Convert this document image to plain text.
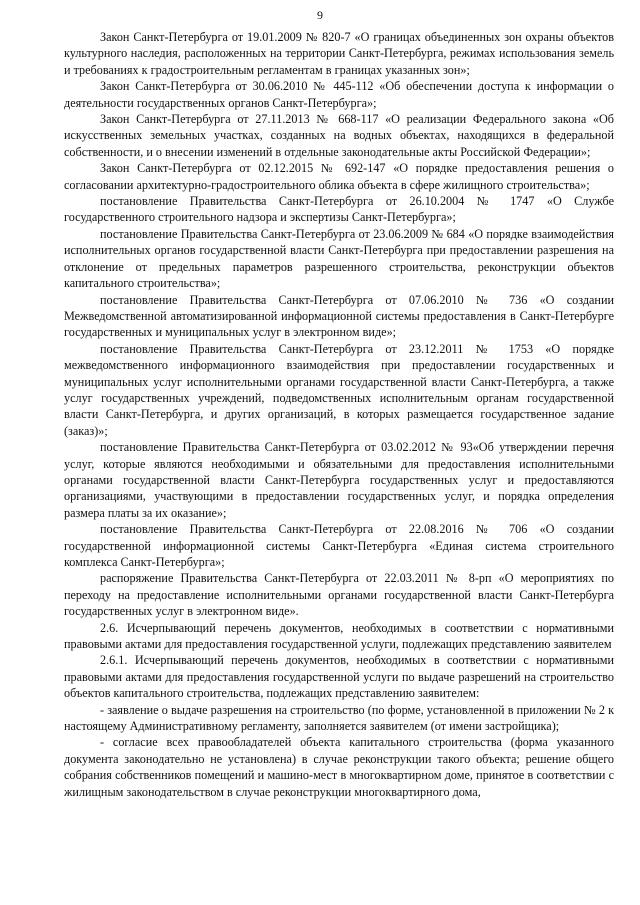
9

Закон Санкт-Петербурга от 19.01.2009 № 820-7 «О границах объединенных зон охраны объектов культурного наследия, расположенных на территории Санкт-Петербурга, режимах использования земель и требованиях к градостроительным регламентам в границах указанных зон»;

Закон Санкт-Петербурга от 30.06.2010 № 445-112 «Об обеспечении доступа к информации о деятельности государственных органов Санкт-Петербурга»;

Закон Санкт-Петербурга от 27.11.2013 № 668-117 «О реализации Федерального закона «Об искусственных земельных участках, созданных на водных объектах, находящихся в федеральной собственности, и о внесении изменений в отдельные законодательные акты Российской Федерации»;

Закон Санкт-Петербурга от 02.12.2015 № 692-147 «О порядке предоставления решения о согласовании архитектурно-градостроительного облика объекта в сфере жилищного строительства»;

постановление Правительства Санкт-Петербурга от 26.10.2004 № 1747 «О Службе государственного строительного надзора и экспертизы Санкт-Петербурга»;

постановление Правительства Санкт-Петербурга от 23.06.2009 № 684 «О порядке взаимодействия исполнительных органов государственной власти Санкт-Петербурга при предоставлении разрешения на отклонение от предельных параметров разрешенного строительства, реконструкции объектов капитального строительства»;

постановление Правительства Санкт-Петербурга от 07.06.2010 № 736 «О создании Межведомственной автоматизированной информационной системы предоставления в Санкт-Петербурге государственных и муниципальных услуг в электронном виде»;

постановление Правительства Санкт-Петербурга от 23.12.2011 № 1753 «О порядке межведомственного информационного взаимодействия при предоставлении государственных и муниципальных услуг исполнительными органами государственной власти Санкт-Петербурга, а также услуг государственных учреждений, подведомственных исполнительным органам государственной власти Санкт-Петербурга, и других организаций, в которых размещается государственное задание (заказ)»;

постановление Правительства Санкт-Петербурга от 03.02.2012 № 93«Об утверждении перечня услуг, которые являются необходимыми и обязательными для предоставления исполнительными органами государственной власти Санкт-Петербурга государственных услуг и предоставляются организациями, участвующими в предоставлении государственных услуг, и порядка определения размера платы за их оказание»;

постановление Правительства Санкт-Петербурга от 22.08.2016 № 706 «О создании государственной информационной системы Санкт-Петербурга «Единая система строительного комплекса Санкт-Петербурга»;

распоряжение Правительства Санкт-Петербурга от 22.03.2011 № 8-рп «О мероприятиях по переходу на предоставление исполнительными органами государственной власти Санкт-Петербурга государственных услуг в электронном виде».

2.6. Исчерпывающий перечень документов, необходимых в соответствии с нормативными правовыми актами для предоставления государственной услуги, подлежащих представлению заявителем

2.6.1. Исчерпывающий перечень документов, необходимых в соответствии с нормативными правовыми актами для предоставления государственной услуги по выдаче разрешений на строительство объектов капитального строительства, подлежащих представлению заявителем:

- заявление о выдаче разрешения на строительство (по форме, установленной в приложении № 2 к настоящему Административному регламенту, заполняется заявителем (от имени застройщика);

- согласие всех правообладателей объекта капитального строительства (форма указанного документа законодательно не установлена) в случае реконструкции такого объекта; решение общего собрания собственников помещений и машино-мест в многоквартирном доме, принятое в соответствии с жилищным законодательством в случае реконструкции многоквартирного дома,
